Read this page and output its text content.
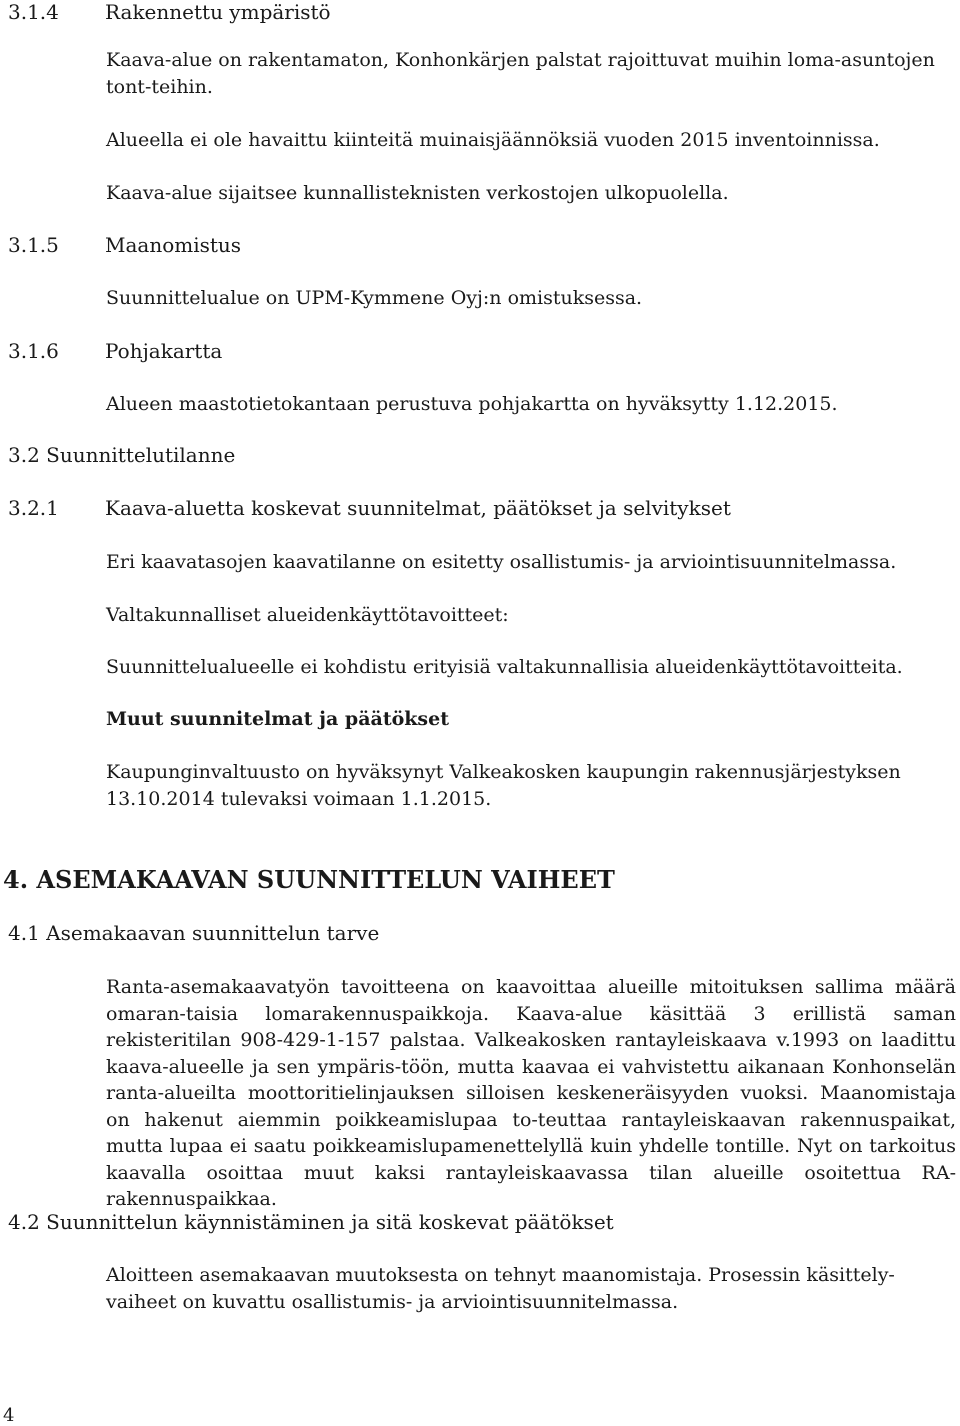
3.1.4 Rakennettu ympäristö

Kaava-alue on rakentamaton, Konhonkärjen palstat rajoittuvat muihin loma-asuntojen tont-teihin.

Alueella ei ole havaittu kiinteitä muinaisjäännöksiä vuoden 2015 inventoinnissa.

Kaava-alue sijaitsee kunnallisteknisten verkostojen ulkopuolella.

3.1.5 Maanomistus

Suunnittelualue on UPM-Kymmene Oyj:n omistuksessa.

3.1.6 Pohjakartta

Alueen maastotietokantaan perustuva pohjakartta on hyväksytty 1.12.2015.

3.2 Suunnittelutilanne
3.2.1 Kaava-aluetta koskevat suunnitelmat, päätökset ja selvitykset

Eri kaavatasojen kaavatilanne on esitetty osallistumis- ja arviointisuunnitelmassa.

Valtakunnalliset alueidenkäyttötavoitteet:

Suunnittelualueelle ei kohdistu erityisiä valtakunnallisia alueidenkäyttötavoitteita.

Muut suunnitelmat ja päätökset

Kaupunginvaltuusto on hyväksynyt Valkeakosken kaupungin rakennusjärjestyksen 13.10.2014 tulevaksi voimaan 1.1.2015.

4. ASEMAKAAVAN SUUNNITTELUN VAIHEET
4.1 Asemakaavan suunnittelun tarve

Ranta-asemakaavatyön tavoitteena on kaavoittaa alueille mitoituksen sallima määrä omaran-taisia lomarakennuspaikkoja. Kaava-alue käsittää 3 erillistä saman rekisteritilan 908-429-1-157 palstaa. Valkeakosken rantayleiskaava v.1993 on laadittu kaava-alueelle ja sen ympäris-töön, mutta kaavaa ei vahvistettu aikanaan Konhonselän ranta-alueilta moottoritielinjauksen silloisen keskeneräisyyden vuoksi. Maanomistaja on hakenut aiemmin poikkeamislupaa to-teuttaa rantayleiskaavan rakennuspaikat, mutta lupaa ei saatu poikkeamislupamenettelyllä kuin yhdelle tontille. Nyt on tarkoitus kaavalla osoittaa muut kaksi rantayleiskaavassa tilan alueille osoitettua RA-rakennuspaikkaa.

4.2 Suunnittelun käynnistäminen ja sitä koskevat päätökset

Aloitteen asemakaavan muutoksesta on tehnyt maanomistaja. Prosessin käsittely-vaiheet on kuvattu osallistumis- ja arviointisuunnitelmassa.

4
